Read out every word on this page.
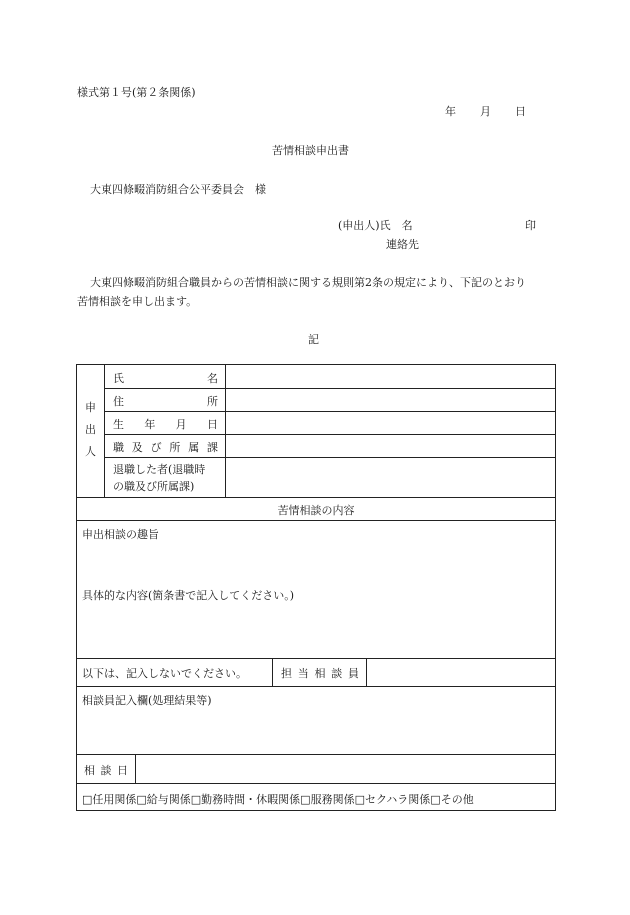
様式第１号(第２条関係)
年 月 日
苦情相談申出書
大東四條畷消防組合公平委員会　様
(申出人)氏　名	印
連絡先
大東四條畷消防組合職員からの苦情相談に関する規則第2条の規定により、下記のとおり
苦情相談を申し出ます。
記
申
出
人
氏	名
住	所
生 年 月 日
職 及 び 所 属 課
退職した者(退職時
の職及び所属課)
苦情相談の内容
申出相談の趣旨
具体的な内容(箇条書で記入してください。)
以下は、記入しないでください。	担 当 相 談 員
相談員記入欄(処理結果等)
相 談 日
□任用関係□給与関係□勤務時間・休暇関係□服務関係□セクハラ関係□その他
